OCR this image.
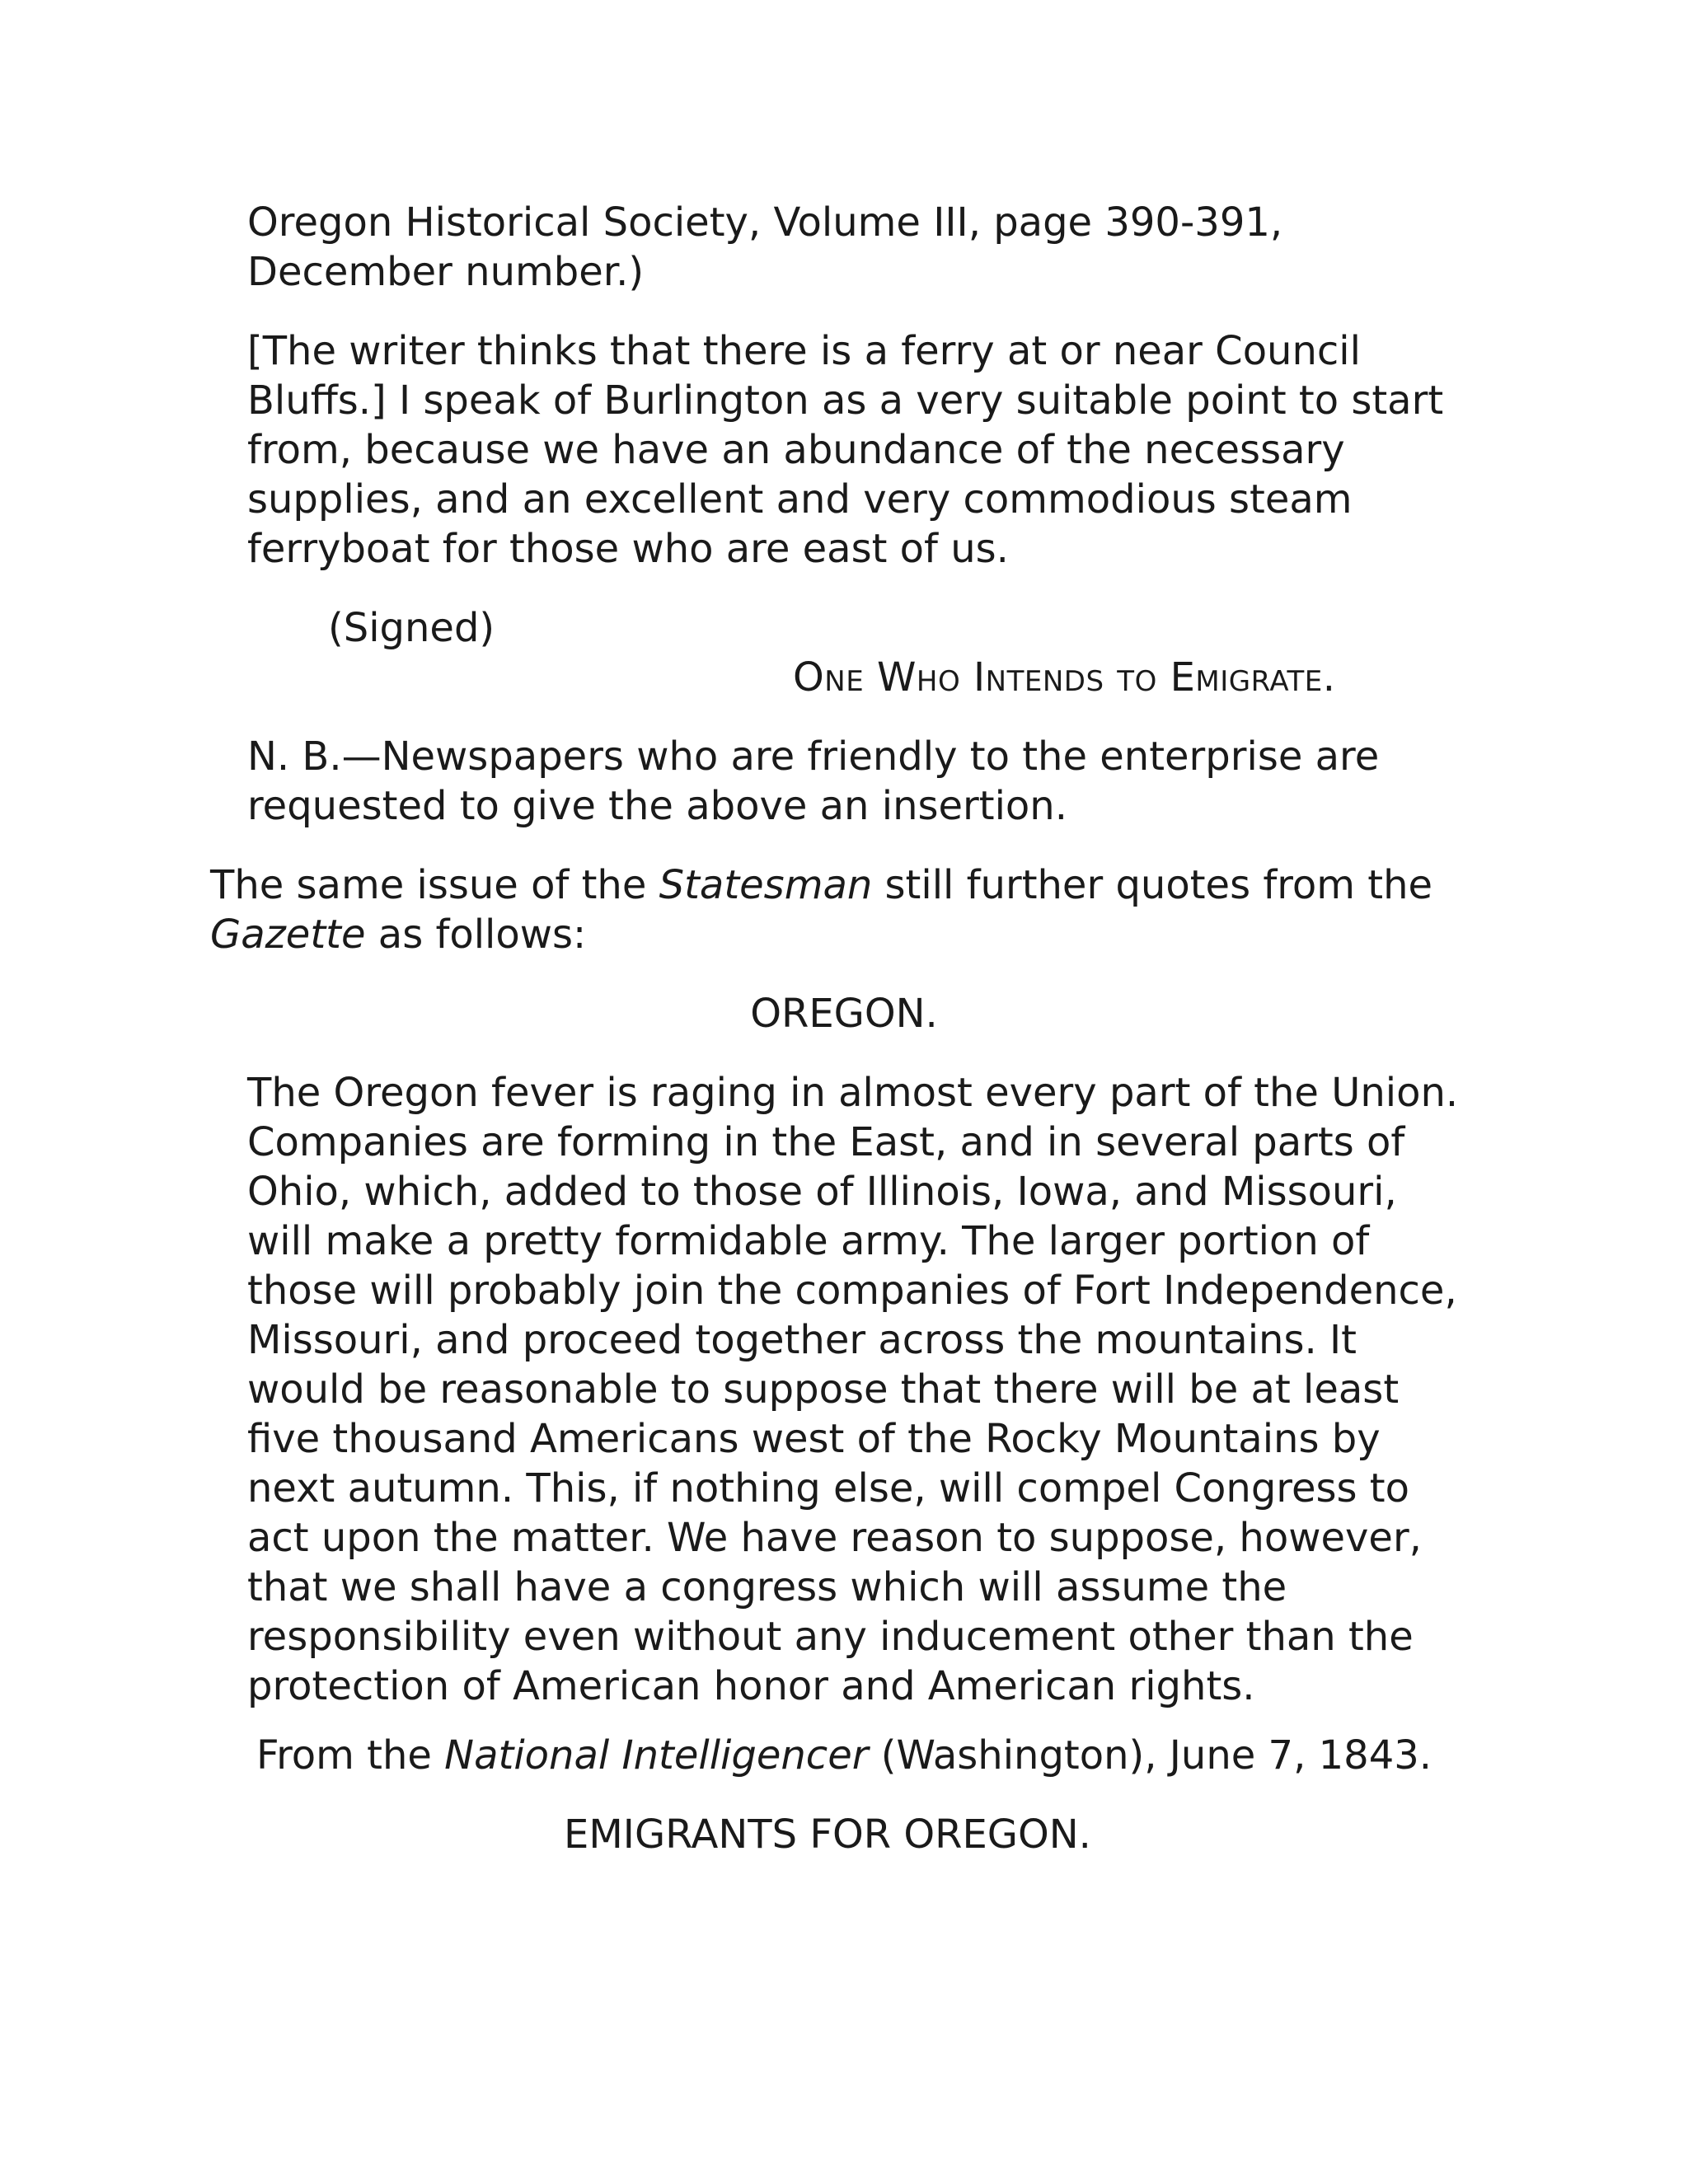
Oregon Historical Society, Volume III, page 390-391,
December number.)

[The writer thinks that there is a ferry at or near Council
Bluffs.] I speak of Burlington as a very suitable point to start
from, because we have an abundance of the necessary
supplies, and an excellent and very commodious steam
ferryboat for those who are east of us.

(Signed)

One Who Intends to Emigrate.

N. B.—Newspapers who are friendly to the enterprise are
requested to give the above an insertion.

The same issue of the Statesman still further quotes from the
Gazette as follows:

OREGON.

The Oregon fever is raging in almost every part of the Union.
Companies are forming in the East, and in several parts of
Ohio, which, added to those of Illinois, Iowa, and Missouri,
will make a pretty formidable army. The larger portion of
those will probably join the companies of Fort Independence,
Missouri, and proceed together across the mountains. It
would be reasonable to suppose that there will be at least
five thousand Americans west of the Rocky Mountains by
next autumn. This, if nothing else, will compel Congress to
act upon the matter. We have reason to suppose, however,
that we shall have a congress which will assume the
responsibility even without any inducement other than the
protection of American honor and American rights.

From the National Intelligencer (Washington), June 7, 1843.

EMIGRANTS FOR OREGON.
